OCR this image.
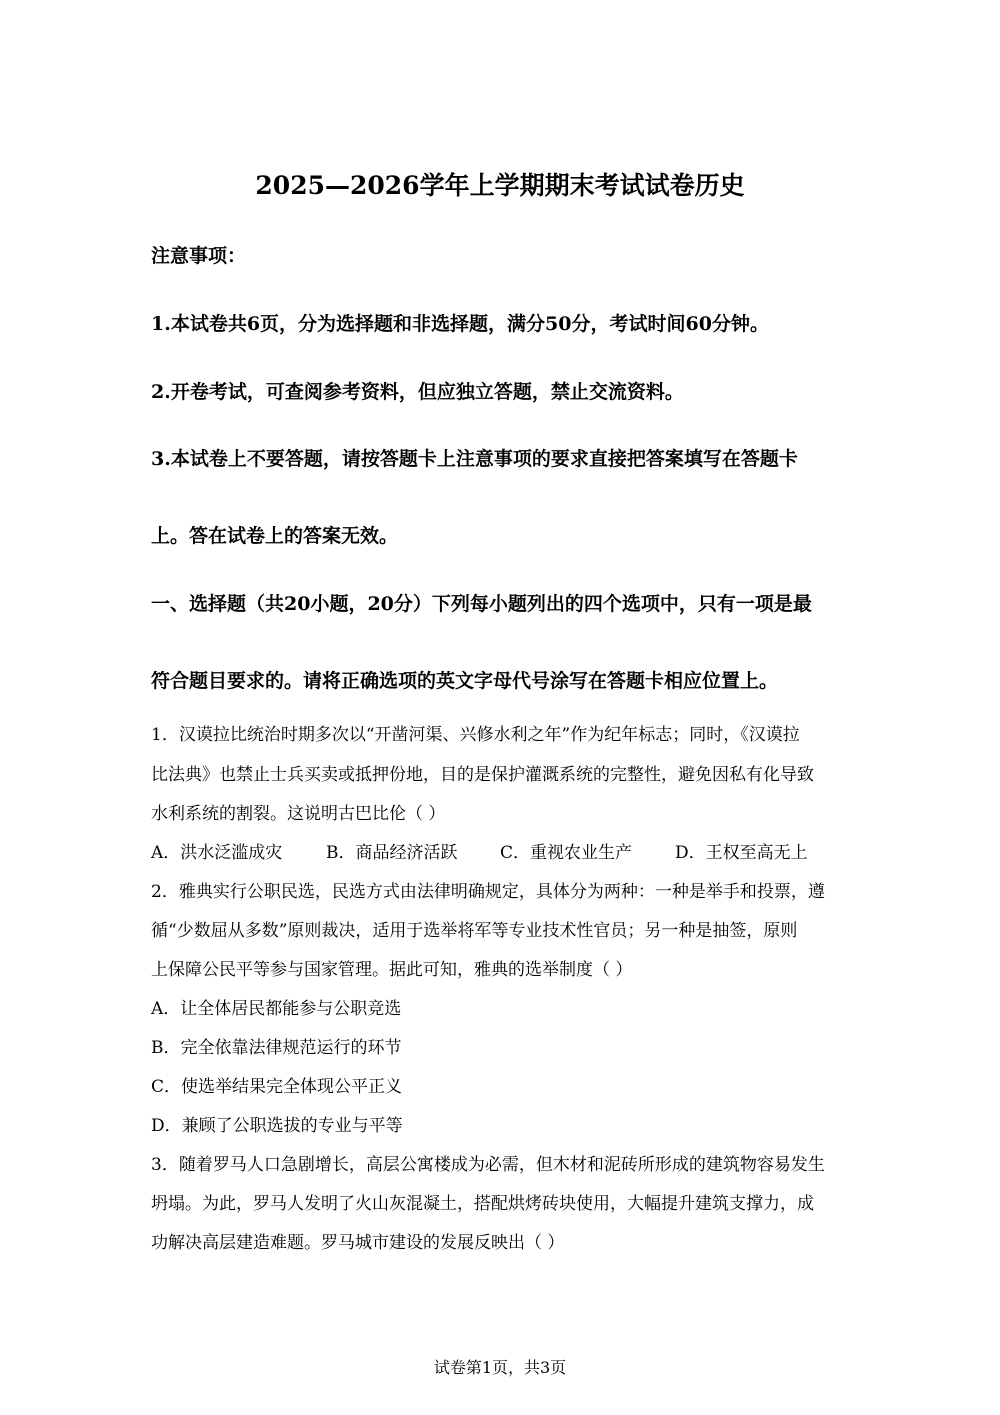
2025—2026学年上学期期末考试试卷历史
注意事项：
1.本试卷共6页，分为选择题和非选择题，满分50分，考试时间60分钟。
2.开卷考试，可查阅参考资料，但应独立答题，禁止交流资料。
3.本试卷上不要答题，请按答题卡上注意事项的要求直接把答案填写在答题卡
上。答在试卷上的答案无效。
一、选择题（共20小题，20分）下列每小题列出的四个选项中，只有一项是最
符合题目要求的。请将正确选项的英文字母代号涂写在答题卡相应位置上。
1．汉谟拉比统治时期多次以“开凿河渠、兴修水利之年”作为纪年标志；同时，《汉谟拉
比法典》也禁止士兵买卖或抵押份地，目的是保护灌溉系统的完整性，避免因私有化导致
水利系统的割裂。这说明古巴比伦（ ）
A．洪水泛滥成灾	B．商品经济活跃	C．重视农业生产	D．王权至高无上
2．雅典实行公职民选，民选方式由法律明确规定，具体分为两种：一种是举手和投票，遵
循“少数屈从多数”原则裁决，适用于选举将军等专业技术性官员；另一种是抽签，原则
上保障公民平等参与国家管理。据此可知，雅典的选举制度（ ）
A．让全体居民都能参与公职竞选
B．完全依靠法律规范运行的环节
C．使选举结果完全体现公平正义
D．兼顾了公职选拔的专业与平等
3．随着罗马人口急剧增长，高层公寓楼成为必需，但木材和泥砖所形成的建筑物容易发生
坍塌。为此，罗马人发明了火山灰混凝土，搭配烘烤砖块使用，大幅提升建筑支撑力，成
功解决高层建造难题。罗马城市建设的发展反映出（ ）
试卷第1页，共3页
